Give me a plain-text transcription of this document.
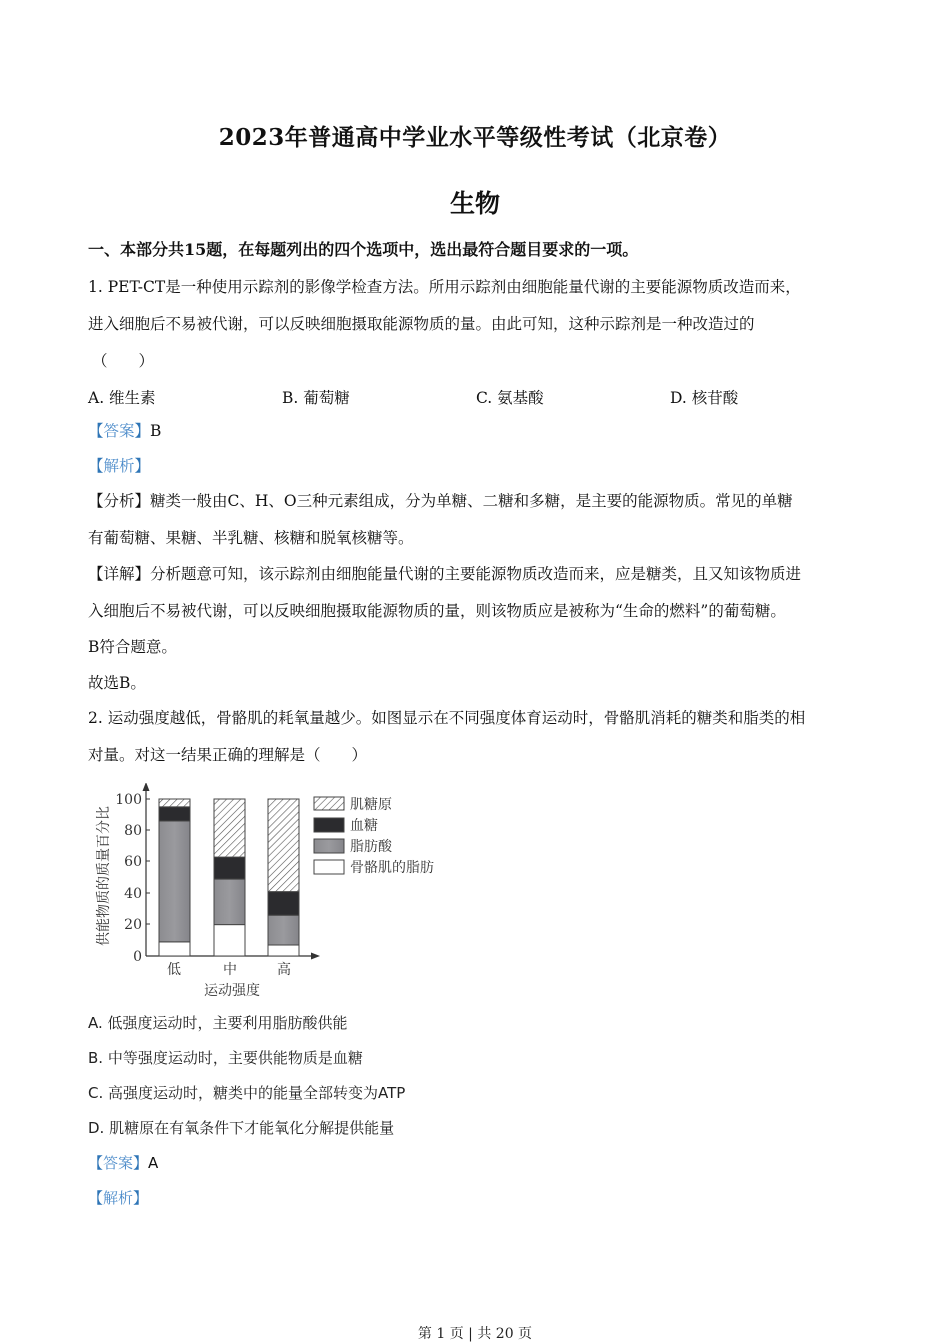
2023年普通高中学业水平等级性考试（北京卷）
生物
一、本部分共15题，在每题列出的四个选项中，选出最符合题目要求的一项。
1. PET-CT是一种使用示踪剂的影像学检查方法。所用示踪剂由细胞能量代谢的主要能源物质改造而来，
进入细胞后不易被代谢，可以反映细胞摄取能源物质的量。由此可知，这种示踪剂是一种改造过的
（　　）
A. 维生素	B. 葡萄糖	C. 氨基酸	D. 核苷酸
【答案】B
【解析】
【分析】糖类一般由C、H、O三种元素组成，分为单糖、二糖和多糖，是主要的能源物质。常见的单糖
有葡萄糖、果糖、半乳糖、核糖和脱氧核糖等。
【详解】分析题意可知，该示踪剂由细胞能量代谢的主要能源物质改造而来，应是糖类，且又知该物质进
入细胞后不易被代谢，可以反映细胞摄取能源物质的量，则该物质应是被称为“生命的燃料”的葡萄糖。
B符合题意。
故选B。
2. 运动强度越低，骨骼肌的耗氧量越少。如图显示在不同强度体育运动时，骨骼肌消耗的糖类和脂类的相
对量。对这一结果正确的理解是（　　）
供能物质的质量百分比
100
80
60
40
20
0
低	中	高
运动强度
肌糖原
血糖
脂肪酸
骨骼肌的脂肪
A. 低强度运动时，主要利用脂肪酸供能
B. 中等强度运动时，主要供能物质是血糖
C. 高强度运动时，糖类中的能量全部转变为ATP
D. 肌糖原在有氧条件下才能氧化分解提供能量
【答案】A
【解析】
第 1 页 | 共 20 页
